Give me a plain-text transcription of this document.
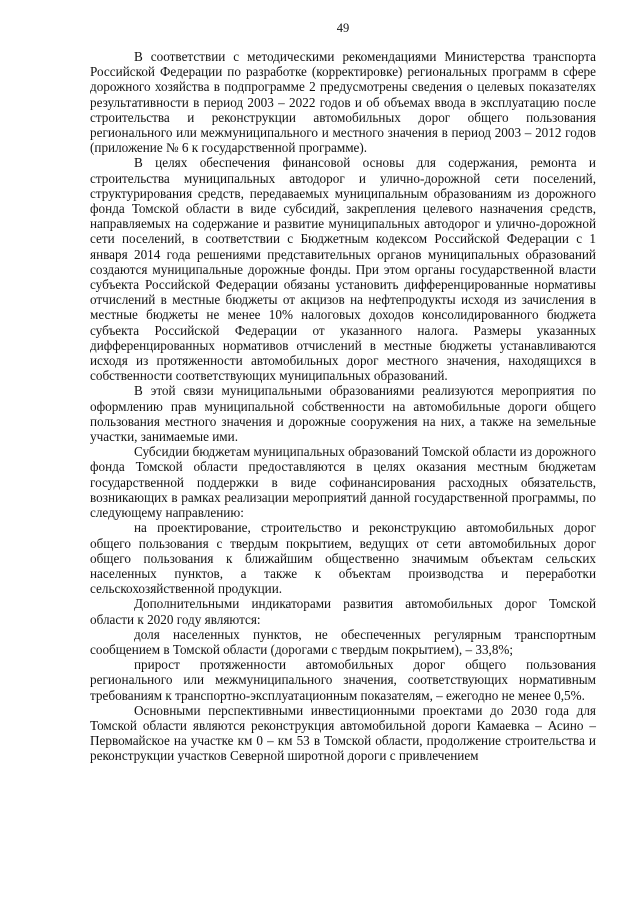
49

В соответствии с методическими рекомендациями Министерства транспорта Российской Федерации по разработке (корректировке) региональных программ в сфере дорожного хозяйства в подпрограмме 2 предусмотрены сведения о целевых показателях результативности в период 2003 – 2022 годов и об объемах ввода в эксплуатацию после строительства и реконструкции автомобильных дорог общего пользования регионального или межмуниципального и местного значения в период 2003 – 2012 годов (приложение № 6 к государственной программе).

В целях обеспечения финансовой основы для содержания, ремонта и строительства муниципальных автодорог и улично-дорожной сети поселений, структурирования средств, передаваемых муниципальным образованиям из дорожного фонда Томской области в виде субсидий, закрепления целевого назначения средств, направляемых на содержание и развитие муниципальных автодорог и улично-дорожной сети поселений, в соответствии с Бюджетным кодексом Российской Федерации с 1 января 2014 года решениями представительных органов муниципальных образований создаются муниципальные дорожные фонды. При этом органы государственной власти субъекта Российской Федерации обязаны установить дифференцированные нормативы отчислений в местные бюджеты от акцизов на нефтепродукты исходя из зачисления в местные бюджеты не менее 10% налоговых доходов консолидированного бюджета субъекта Российской Федерации от указанного налога. Размеры указанных дифференцированных нормативов отчислений в местные бюджеты устанавливаются исходя из протяженности автомобильных дорог местного значения, находящихся в собственности соответствующих муниципальных образований.

В этой связи муниципальными образованиями реализуются мероприятия по оформлению прав муниципальной собственности на автомобильные дороги общего пользования местного значения и дорожные сооружения на них, а также на земельные участки, занимаемые ими.

Субсидии бюджетам муниципальных образований Томской области из дорожного фонда Томской области предоставляются в целях оказания местным бюджетам государственной поддержки в виде софинансирования расходных обязательств, возникающих в рамках реализации мероприятий данной государственной программы, по следующему направлению:

на проектирование, строительство и реконструкцию автомобильных дорог общего пользования с твердым покрытием, ведущих от сети автомобильных дорог общего пользования к ближайшим общественно значимым объектам сельских населенных пунктов, а также к объектам производства и переработки сельскохозяйственной продукции.

Дополнительными индикаторами развития автомобильных дорог Томской области к 2020 году являются:

доля населенных пунктов, не обеспеченных регулярным транспортным сообщением в Томской области (дорогами с твердым покрытием), – 33,8%;

прирост протяженности автомобильных дорог общего пользования регионального или межмуниципального значения, соответствующих нормативным требованиям к транспортно-эксплуатационным показателям, – ежегодно не менее 0,5%.

Основными перспективными инвестиционными проектами до 2030 года для Томской области являются реконструкция автомобильной дороги Камаевка – Асино – Первомайское на участке км 0 – км 53 в Томской области, продолжение строительства и реконструкции участков Северной широтной дороги с привлечением
